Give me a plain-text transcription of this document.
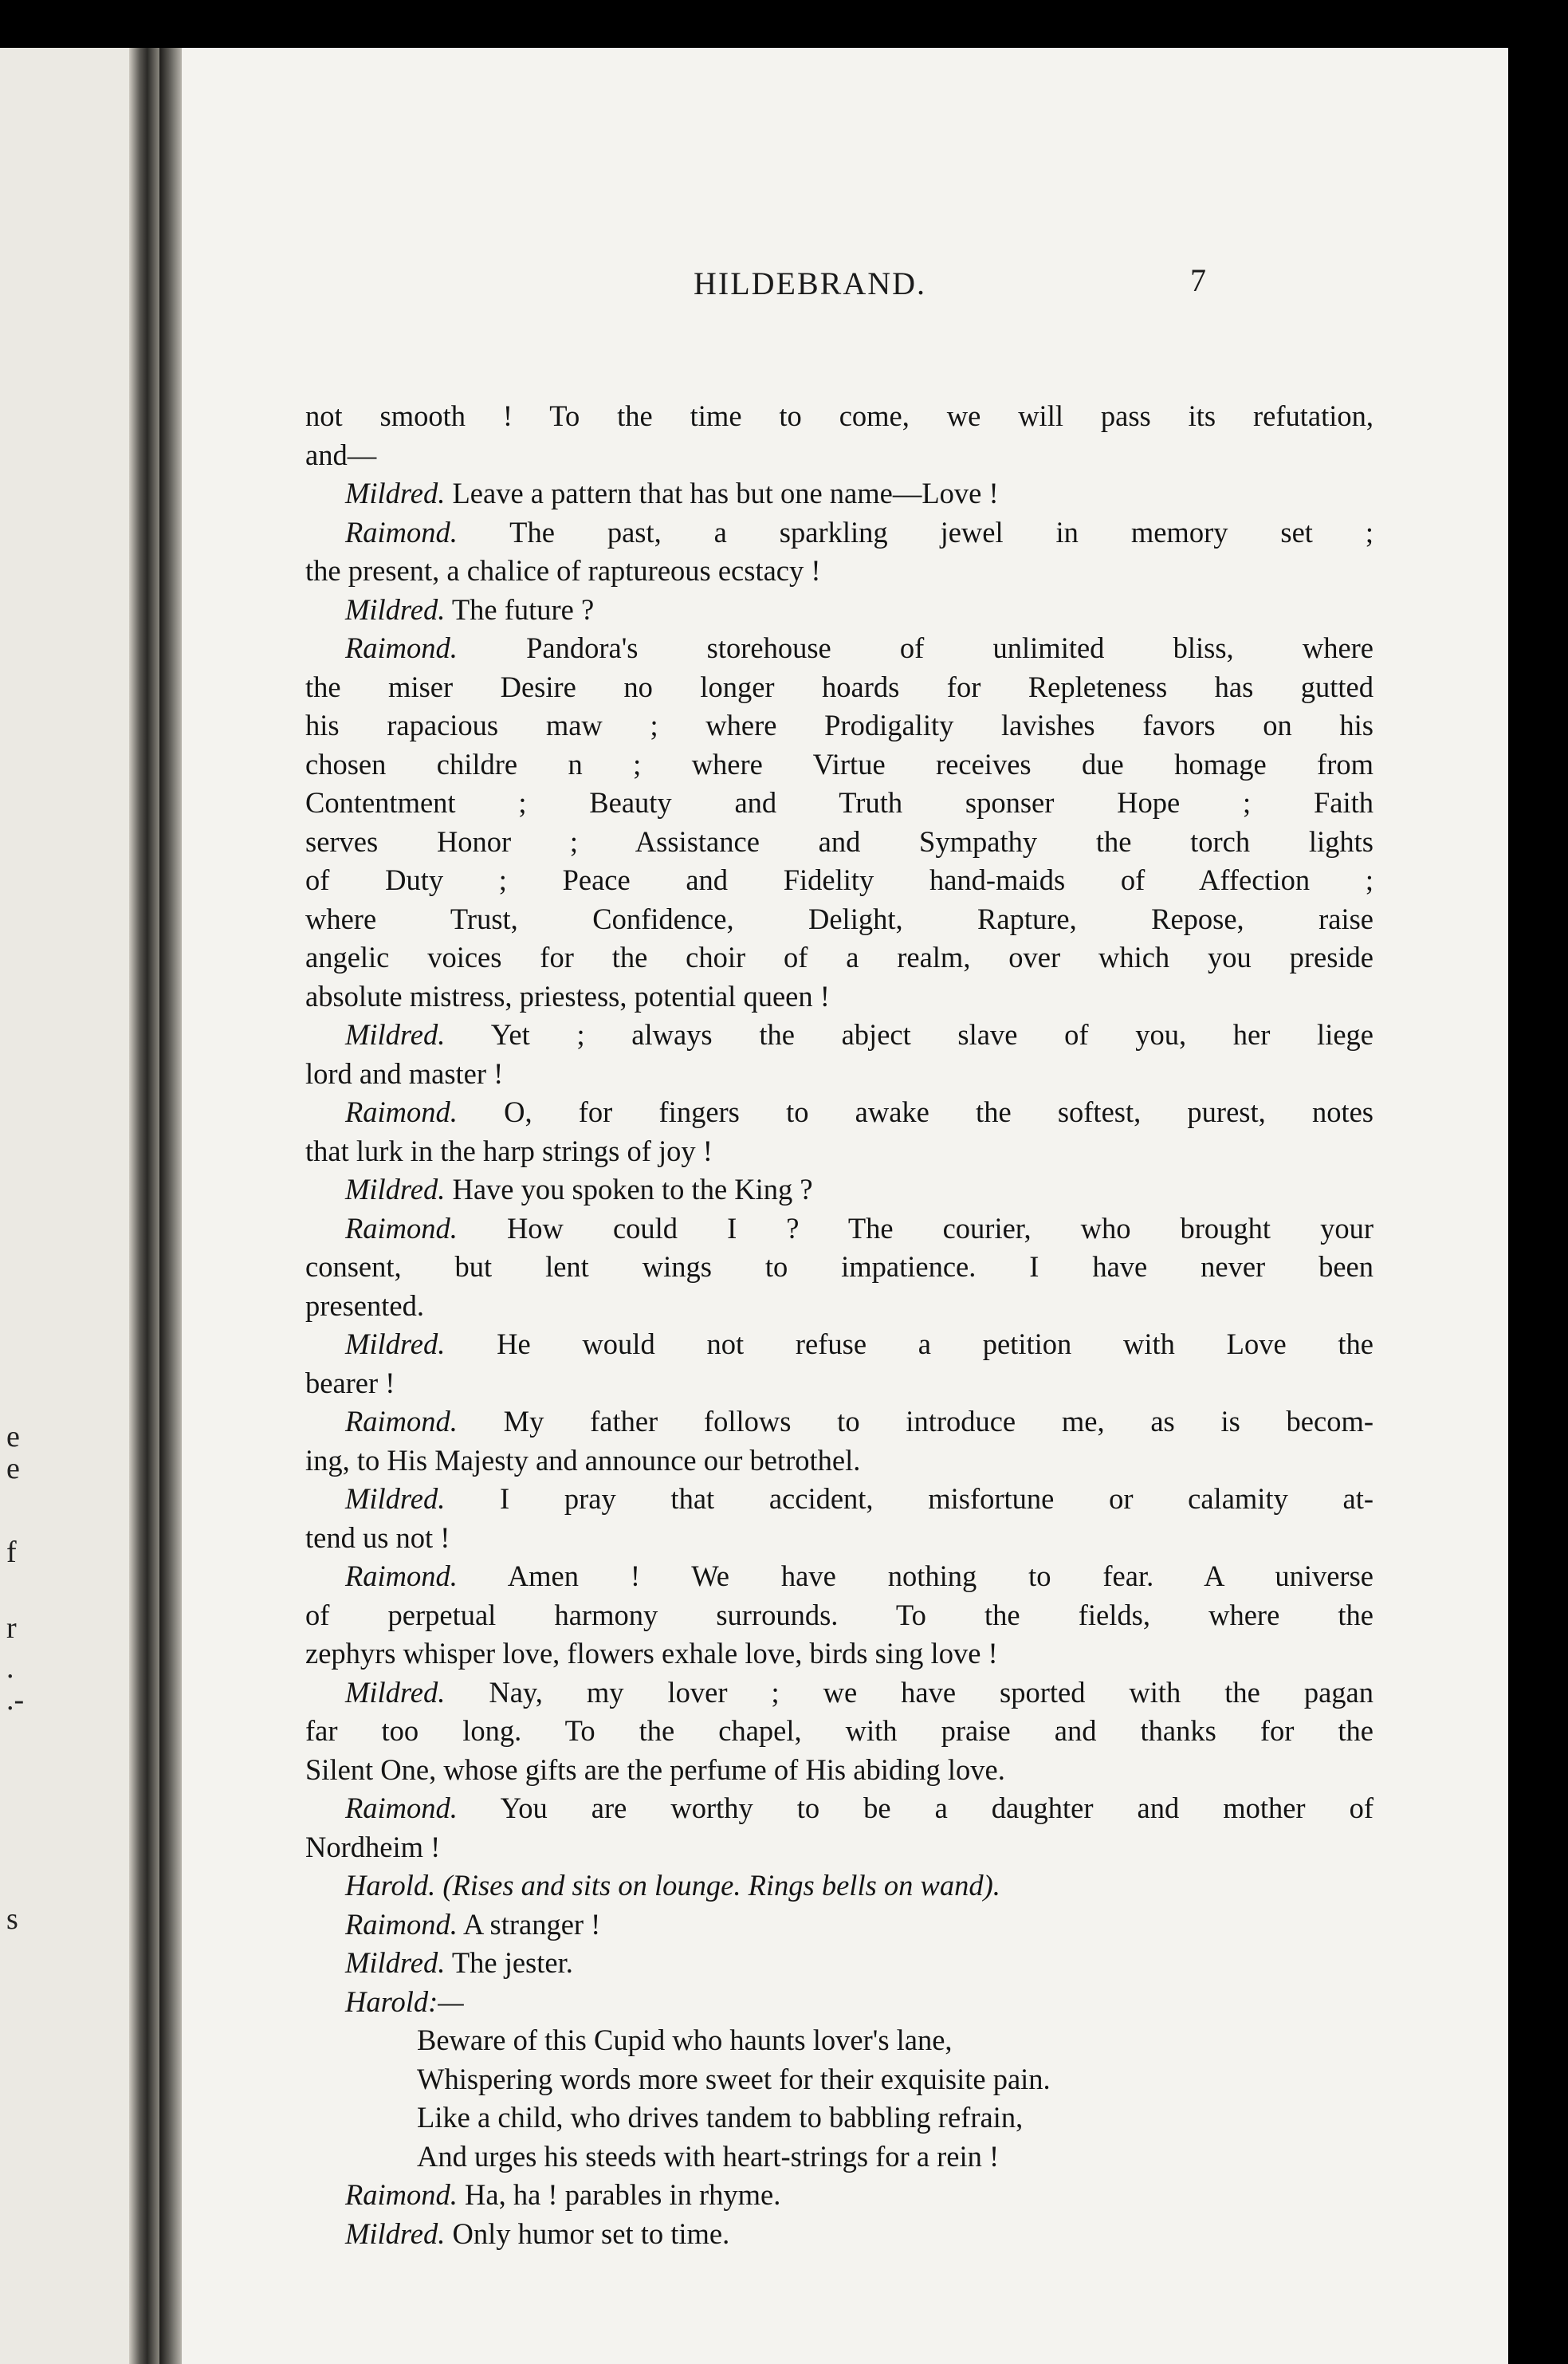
e
e
f
r
.
.-
s
HILDEBRAND.	7
not smooth ! To the time to come, we will pass its refutation,
and—
Mildred. Leave a pattern that has but one name—Love !
Raimond. The past, a sparkling jewel in memory set ;
the present, a chalice of raptureous ecstacy !
Mildred. The future ?
Raimond. Pandora's storehouse of unlimited bliss, where
the miser Desire no longer hoards for Repleteness has gutted
his rapacious maw ; where Prodigality lavishes favors on his
chosen childre n ; where Virtue receives due homage from
Contentment ; Beauty and Truth sponser Hope ; Faith
serves Honor ; Assistance and Sympathy the torch lights
of Duty ; Peace and Fidelity hand-maids of Affection ;
where Trust, Confidence, Delight, Rapture, Repose, raise
angelic voices for the choir of a realm, over which you preside
absolute mistress, priestess, potential queen !
Mildred. Yet ; always the abject slave of you, her liege
lord and master !
Raimond. O, for fingers to awake the softest, purest, notes
that lurk in the harp strings of joy !
Mildred. Have you spoken to the King ?
Raimond. How could I ? The courier, who brought your
consent, but lent wings to impatience. I have never been
presented.
Mildred. He would not refuse a petition with Love the
bearer !
Raimond. My father follows to introduce me, as is becom-
ing, to His Majesty and announce our betrothel.
Mildred. I pray that accident, misfortune or calamity at-
tend us not !
Raimond. Amen ! We have nothing to fear. A universe
of perpetual harmony surrounds. To the fields, where the
zephyrs whisper love, flowers exhale love, birds sing love !
Mildred. Nay, my lover ; we have sported with the pagan
far too long. To the chapel, with praise and thanks for the
Silent One, whose gifts are the perfume of His abiding love.
Raimond. You are worthy to be a daughter and mother of
Nordheim !
Harold. (Rises and sits on lounge. Rings bells on wand).
Raimond. A stranger !
Mildred. The jester.
Harold:—
Beware of this Cupid who haunts lover's lane,
Whispering words more sweet for their exquisite pain.
Like a child, who drives tandem to babbling refrain,
And urges his steeds with heart-strings for a rein !
Raimond. Ha, ha ! parables in rhyme.
Mildred. Only humor set to time.
